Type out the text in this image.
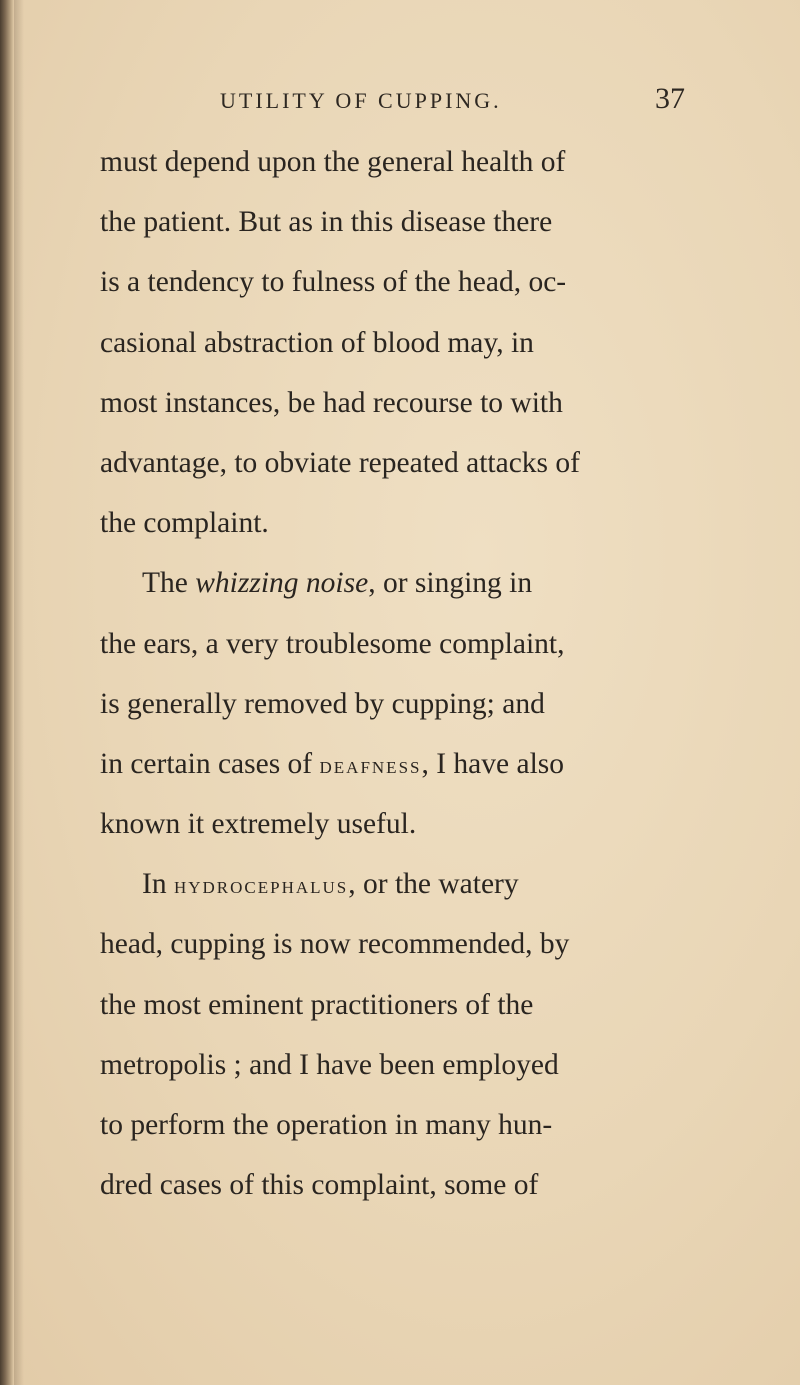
UTILITY OF CUPPING.	37
must depend upon the general health of
the patient. But as in this disease there
is a tendency to fulness of the head, oc-
casional abstraction of blood may, in
most instances, be had recourse to with
advantage, to obviate repeated attacks of
the complaint.
The whizzing noise, or singing in
the ears, a very troublesome complaint,
is generally removed by cupping; and
in certain cases of deafness, I have also
known it extremely useful.
In hydrocephalus, or the watery
head, cupping is now recommended, by
the most eminent practitioners of the
metropolis ; and I have been employed
to perform the operation in many hun-
dred cases of this complaint, some of
